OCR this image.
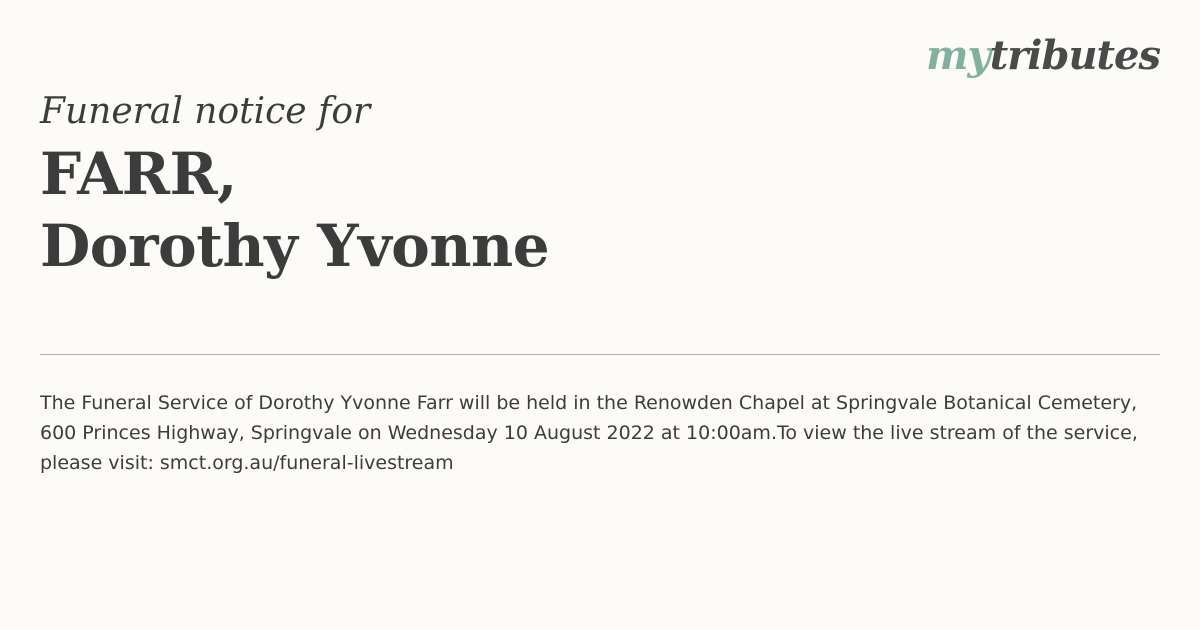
mytributes

Funeral notice for

FARR,

Dorothy Yvonne

The Funeral Service of Dorothy Yvonne Farr will be held in the Renowden Chapel at Springvale Botanical Cemetery, 600 Princes Highway, Springvale on Wednesday 10 August 2022 at 10:00am.To view the live stream of the service, please visit: smct.org.au/funeral-livestream
